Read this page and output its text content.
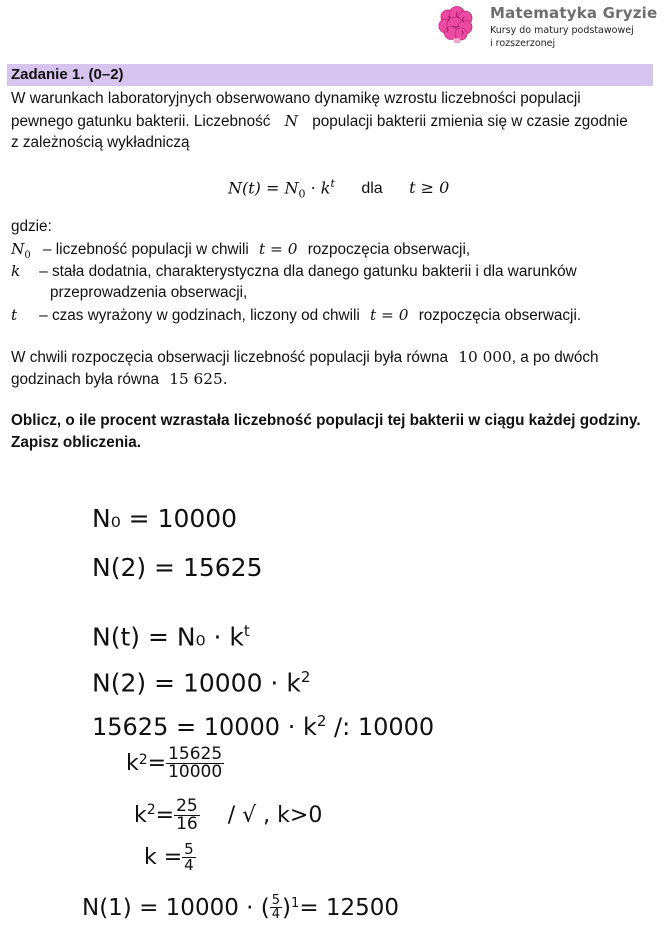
Matematyka Gryzie
Kursy do matury podstawowej
i rozszerzonej
Zadanie 1. (0–2)
W warunkach laboratoryjnych obserwowano dynamikę wzrostu liczebności populacji
pewnego gatunku bakterii. Liczebność N populacji bakterii zmienia się w czasie zgodnie
z zależnością wykładniczą
$N(t) = N_0 \cdot k^t$ dla t ≥ 0
gdzie:
$N_0$ – liczebność populacji w chwili t = 0 rozpoczęcia obserwacji,
k – stała dodatnia, charakterystyczna dla danego gatunku bakterii i dla warunków
przeprowadzenia obserwacji,
t – czas wyrażony w godzinach, liczony od chwili t = 0 rozpoczęcia obserwacji.
W chwili rozpoczęcia obserwacji liczebność populacji była równa 10 000, a po dwóch
godzinach była równa 15 625.
Oblicz, o ile procent wzrastała liczebność populacji tej bakterii w ciągu każdej godziny.
Zapisz obliczenia.
N₀ = 10000
N(2) = 15625
$N(t) = N_0 \cdot k^t$
$N(2) = 10000 \cdot k^2$
$15625 = 10000 \cdot k^2$ /: 10000
k $2 = \frac{15625}{10000}$
$k^2 = \frac{25}{16}$ / √ , k>0
$k = \frac{5}{4}$
N(1) = 10000 · ( $\frac{5}{4}$ ) 1 = 12500
